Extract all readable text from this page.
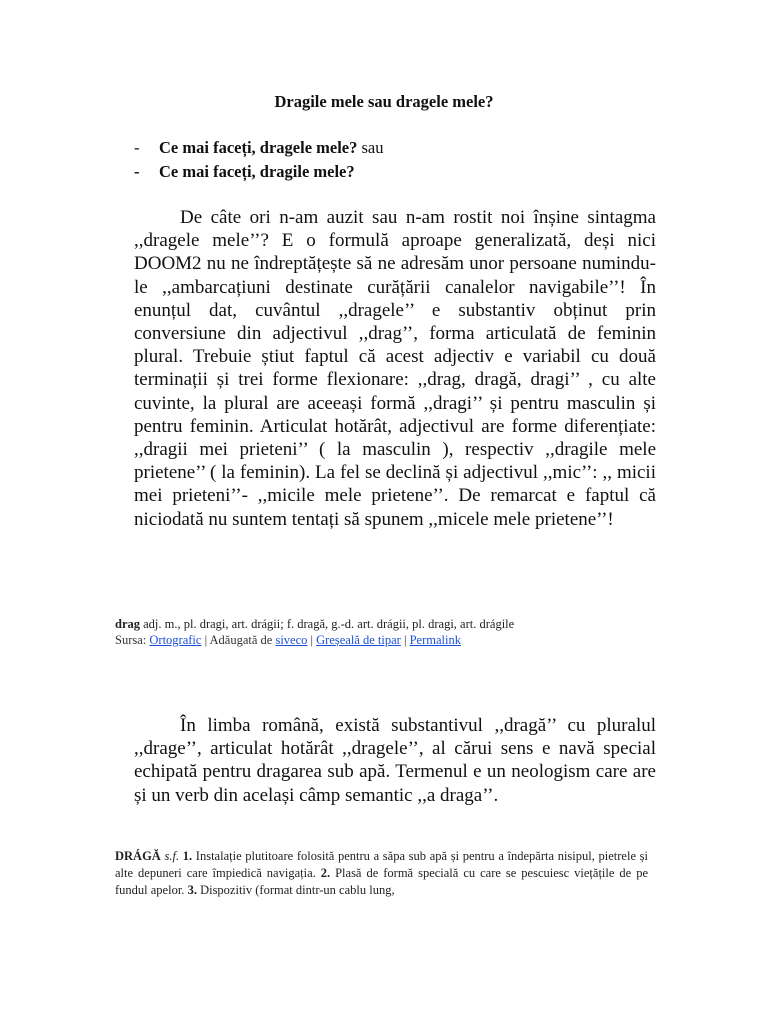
Dragile mele sau dragele mele?
- Ce mai faceți, dragele mele? sau
- Ce mai faceți, dragile mele?

De câte ori n-am auzit sau n-am rostit noi înșine sintagma ,,dragele mele’’? E o formulă aproape generalizată, deși nici DOOM2 nu ne îndreptățește să ne adresăm unor persoane numindu-le ,,ambarcațiuni destinate curățării canalelor navigabile’’! În enunțul dat, cuvântul ,,dragele’’ e substantiv obținut prin conversiune din adjectivul ,,drag’’, forma articulată de feminin plural. Trebuie știut faptul că acest adjectiv e variabil cu două terminații și trei forme flexionare: ,,drag, dragă, dragi’’ , cu alte cuvinte, la plural are aceeași formă ,,dragi’’ și pentru masculin și pentru feminin. Articulat hotărât, adjectivul are forme diferențiate: ,,dragii mei prieteni’’ ( la masculin ), respectiv ,,dragile mele prietene’’ ( la feminin). La fel se declină și adjectivul ,,mic’’: ,, micii mei prieteni’’- ,,micile mele prietene’’. De remarcat e faptul că niciodată nu suntem tentați să spunem ,,micele mele prietene’’!

drag adj. m., pl. dragi, art. drágii; f. dragă, g.-d. art. drágii, pl. dragi, art. drágile
Sursa: Ortografic | Adăugată de siveco | Greșeală de tipar | Permalink

În limba română, există substantivul ,,dragă’’ cu pluralul ,,drage’’, articulat hotărât ,,dragele’’, al cărui sens e navă special echipată pentru dragarea sub apă. Termenul e un neologism care are și un verb din același câmp semantic ,,a draga’’.

DRÁGĂ s.f. 1. Instalație plutitoare folosită pentru a săpa sub apă și pentru a îndepărta nisipul, pietrele și alte depuneri care împiedică navigația. 2. Plasă de formă specială cu care se pescuiesc viețățile de pe fundul apelor. 3. Dispozitiv (format dintr-un cablu lung,
